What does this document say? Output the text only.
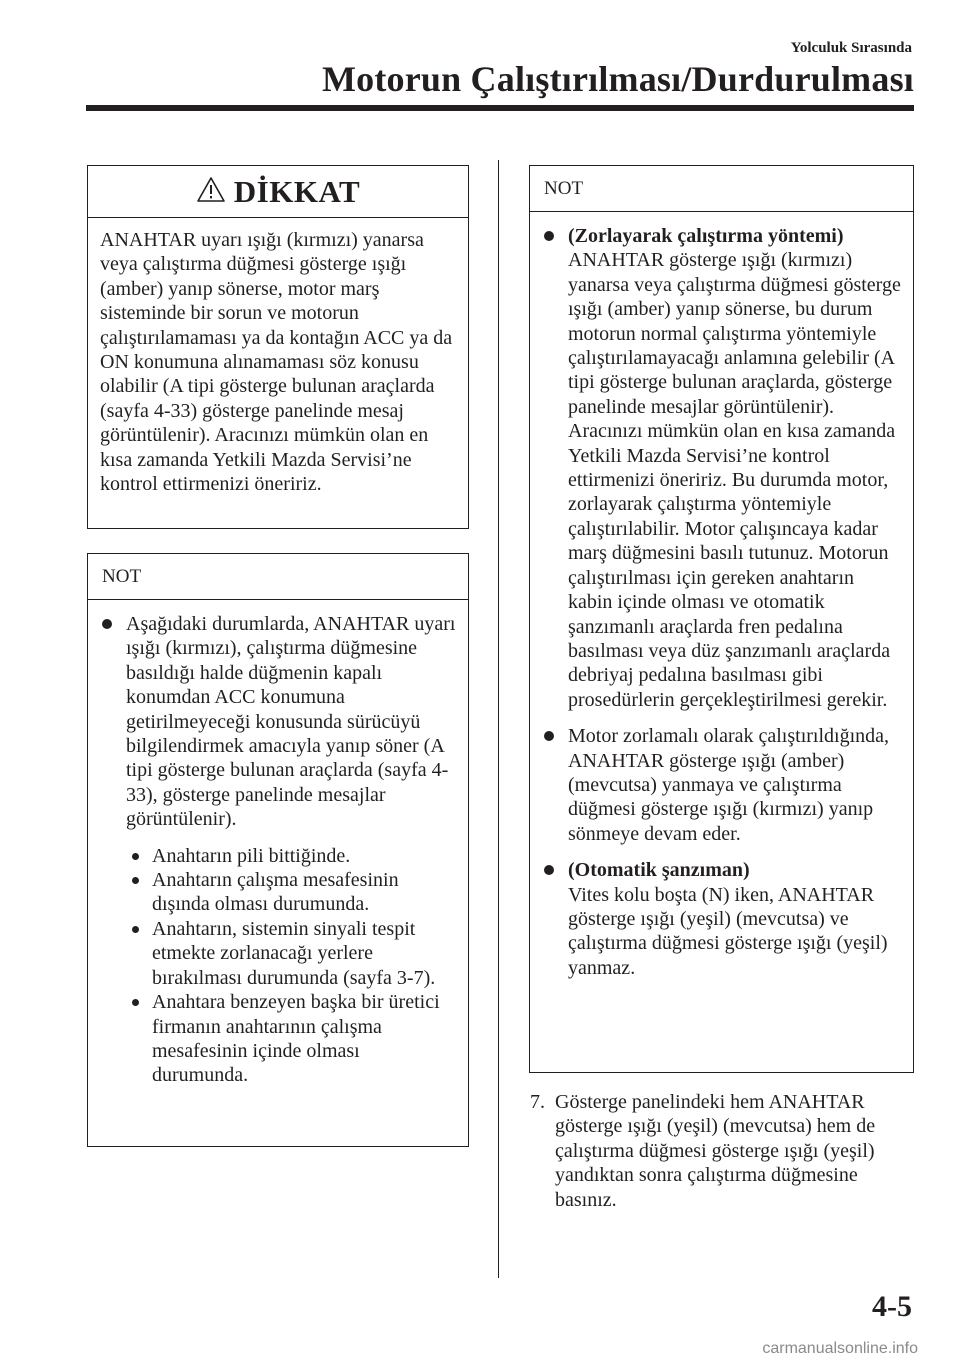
Yolculuk Sırasında
Motorun Çalıştırılması/Durdurulması
DİKKAT

ANAHTAR uyarı ışığı (kırmızı) yanarsa veya çalıştırma düğmesi gösterge ışığı (amber) yanıp sönerse, motor marş sisteminde bir sorun ve motorun çalıştırılamaması ya da kontağın ACC ya da ON konumuna alınamaması söz konusu olabilir (A tipi gösterge bulunan araçlarda (sayfa 4-33) gösterge panelinde mesaj görüntülenir). Aracınızı mümkün olan en kısa zamanda Yetkili Mazda Servisi’ne kontrol ettirmenizi öneririz.

NOT
Aşağıdaki durumlarda, ANAHTAR uyarı ışığı (kırmızı), çalıştırma düğmesine basıldığı halde düğmenin kapalı konumdan ACC konumuna getirilmeyeceği konusunda sürücüyü bilgilendirmek amacıyla yanıp söner (A tipi gösterge bulunan araçlarda (sayfa 4-33), gösterge panelinde mesajlar görüntülenir).
Anahtarın pili bittiğinde.
Anahtarın çalışma mesafesinin dışında olması durumunda.
Anahtarın, sistemin sinyali tespit etmekte zorlanacağı yerlere bırakılması durumunda (sayfa 3-7).
Anahtara benzeyen başka bir üretici firmanın anahtarının çalışma mesafesinin içinde olması durumunda.
NOT
(Zorlayarak çalıştırma yöntemi)
ANAHTAR gösterge ışığı (kırmızı) yanarsa veya çalıştırma düğmesi gösterge ışığı (amber) yanıp sönerse, bu durum motorun normal çalıştırma yöntemiyle çalıştırılamayacağı anlamına gelebilir (A tipi gösterge bulunan araçlarda, gösterge panelinde mesajlar görüntülenir). Aracınızı mümkün olan en kısa zamanda Yetkili Mazda Servisi’ne kontrol ettirmenizi öneririz. Bu durumda motor, zorlayarak çalıştırma yöntemiyle çalıştırılabilir. Motor çalışıncaya kadar marş düğmesini basılı tutunuz. Motorun çalıştırılması için gereken anahtarın kabin içinde olması ve otomatik şanzımanlı araçlarda fren pedalına basılması veya düz şanzımanlı araçlarda debriyaj pedalına basılması gibi prosedürlerin gerçekleştirilmesi gerekir.
Motor zorlamalı olarak çalıştırıldığında, ANAHTAR gösterge ışığı (amber) (mevcutsa) yanmaya ve çalıştırma düğmesi gösterge ışığı (kırmızı) yanıp sönmeye devam eder.
(Otomatik şanzıman)
Vites kolu boşta (N) iken, ANAHTAR gösterge ışığı (yeşil) (mevcutsa) ve çalıştırma düğmesi gösterge ışığı (yeşil) yanmaz.
7. Gösterge panelindeki hem ANAHTAR gösterge ışığı (yeşil) (mevcutsa) hem de çalıştırma düğmesi gösterge ışığı (yeşil) yandıktan sonra çalıştırma düğmesine basınız.

4-5
carmanualsonline.info
